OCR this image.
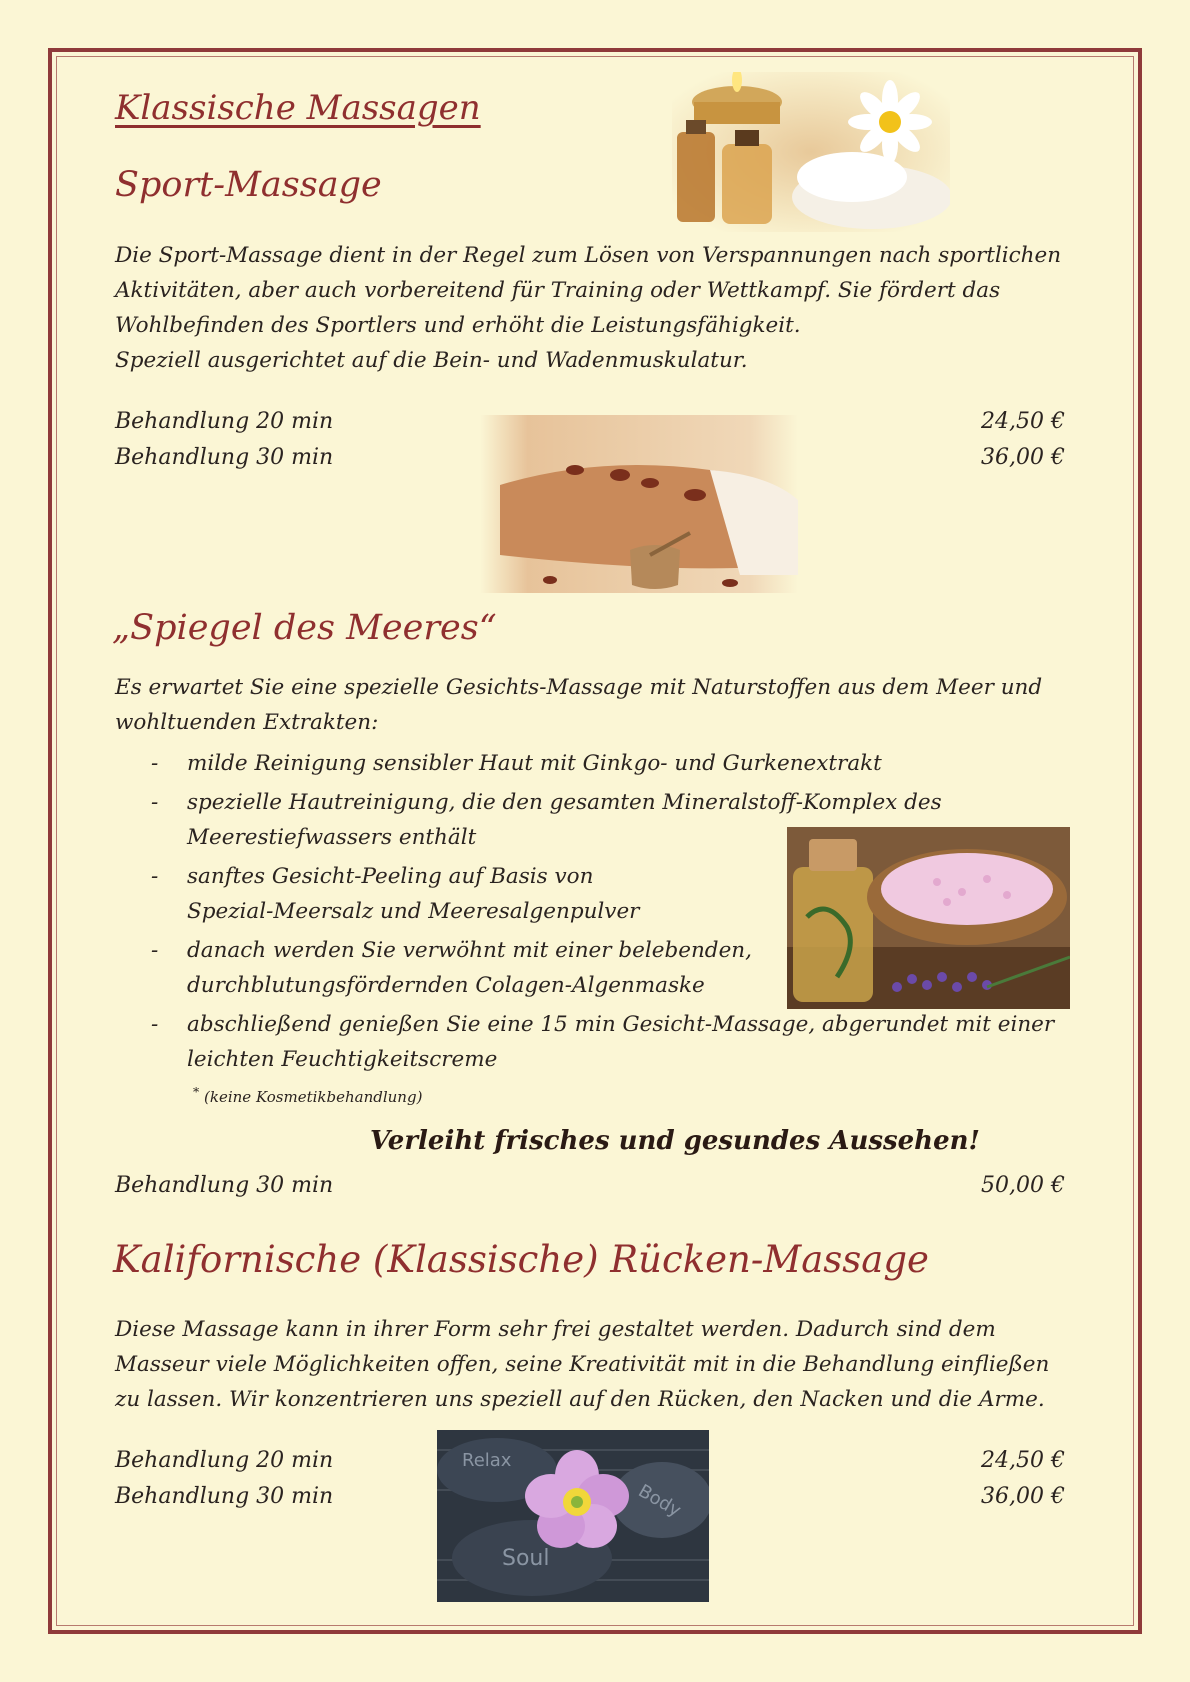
Klassische Massagen
Sport-Massage
Die Sport-Massage dient in der Regel zum Lösen von Verspannungen nach sportlichen
Aktivitäten, aber auch vorbereitend für Training oder Wettkampf. Sie fördert das
Wohlbefinden des Sportlers und erhöht die Leistungsfähigkeit.
Speziell ausgerichtet auf die Bein- und Wadenmuskulatur.
Behandlung 20 min	24,50 €
Behandlung 30 min	36,00 €
„Spiegel des Meeres“
Es erwartet Sie eine spezielle Gesichts-Massage mit Naturstoffen aus dem Meer und
wohltuenden Extrakten:
- milde Reinigung sensibler Haut mit Ginkgo- und Gurkenextrakt
- spezielle Hautreinigung, die den gesamten Mineralstoff-Komplex des
Meerestiefwassers enthält
- sanftes Gesicht-Peeling auf Basis von
Spezial-Meersalz und Meeresalgenpulver
- danach werden Sie verwöhnt mit einer belebenden,
durchblutungsfördernden Colagen-Algenmaske
- abschließend genießen Sie eine 15 min Gesicht-Massage, abgerundet mit einer
leichten Feuchtigkeitscreme
* (keine Kosmetikbehandlung)
Verleiht frisches und gesundes Aussehen!
Behandlung 30 min	50,00 €
Kalifornische (Klassische) Rücken-Massage
Diese Massage kann in ihrer Form sehr frei gestaltet werden. Dadurch sind dem
Masseur viele Möglichkeiten offen, seine Kreativität mit in die Behandlung einfließen
zu lassen. Wir konzentrieren uns speziell auf den Rücken, den Nacken und die Arme.
Behandlung 20 min	24,50 €
Behandlung 30 min	36,00 €
Relax
Body
Soul
